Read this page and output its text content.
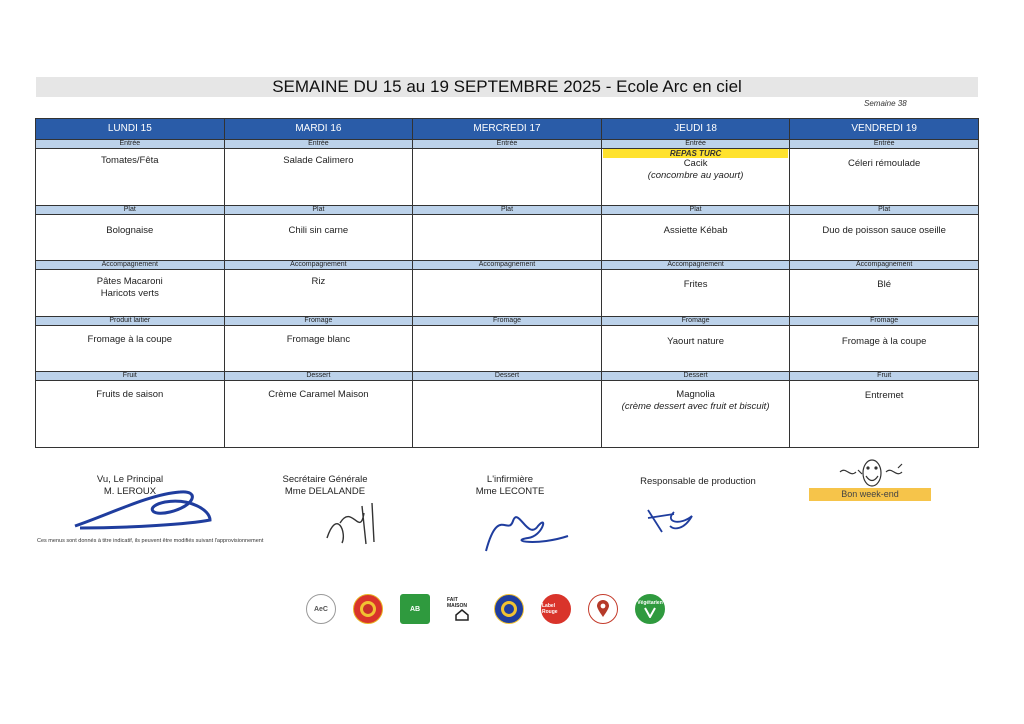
SEMAINE DU 15 au 19 SEPTEMBRE 2025 - Ecole Arc en ciel
Semaine 38
LUNDI 15
Entrée
Tomates/Fêta
Plat
Bolognaise
Accompagnement
Pâtes Macaroni
Haricots verts
Produit laitier
Fromage à la coupe
Fruit
Fruits de saison
MARDI 16
Entrée
Salade Calimero
Plat
Chili sin carne
Accompagnement
Riz
Fromage
Fromage blanc
Dessert
Crème Caramel Maison
MERCREDI 17
Entrée
Plat
Accompagnement
Fromage
Dessert
JEUDI 18
Entrée
REPAS TURC
Cacik
(concombre au yaourt)
Plat
Assiette Kébab
Accompagnement
Frites
Fromage
Yaourt nature
Dessert
Magnolia
(crème dessert avec fruit et biscuit)
VENDREDI 19
Entrée
Céleri rémoulade
Plat
Duo de poisson sauce oseille
Accompagnement
Blé
Fromage
Fromage à la coupe
Fruit
Entremet
Vu, Le Principal
M. LEROUX
Secrétaire Générale
Mme DELALANDE
L'infirmière
Mme LECONTE
Responsable de production
Ces menus sont donnés à titre indicatif, ils peuvent être modifiés suivant l'approvisionnement
Bon week-end
AeC	AB
FAIT MAISON	Label Rouge
Végétarien
